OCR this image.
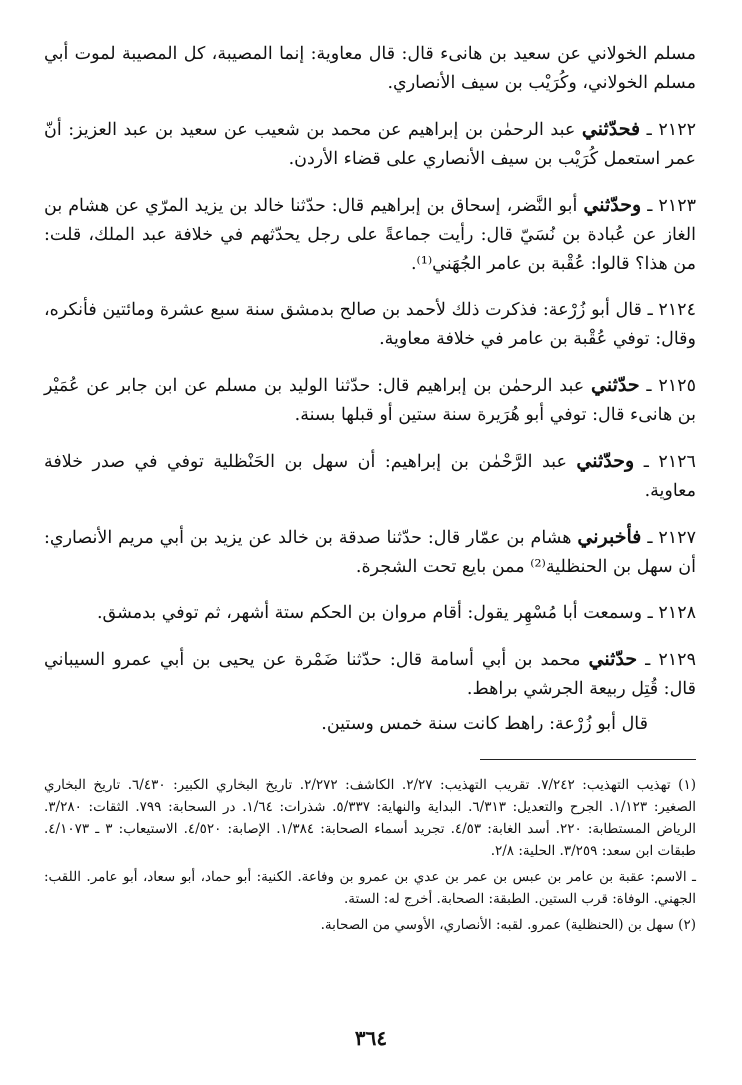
مسلم الخولاني عن سعيد بن هانىء قال: قال معاوية: إنما المصيبة، كل المصيبة لموت أبي مسلم الخولاني، وكُرَيْب بن سيف الأنصاري.

٢١٢٢ ـ فحدّثني عبد الرحمٰن بن إبراهيم عن محمد بن شعيب عن سعيد بن عبد العزيز: أنّ عمر استعمل كُرَيْب بن سيف الأنصاري على قضاء الأردن.

٢١٢٣ ـ وحدّثني أبو النَّضر، إسحاق بن إبراهيم قال: حدّثنا خالد بن يزيد المرّي عن هشام بن الغاز عن عُبادة بن نُسَيّ قال: رأيت جماعةً على رجل يحدّثهم في خلافة عبد الملك، قلت: من هذا؟ قالوا: عُقْبة بن عامر الجُهَني⁽¹⁾.

٢١٢٤ ـ قال أبو زُرْعة: فذكرت ذلك لأحمد بن صالح بدمشق سنة سبع عشرة ومائتين فأنكره، وقال: توفي عُقْبة بن عامر في خلافة معاوية.

٢١٢٥ ـ حدّثني عبد الرحمٰن بن إبراهيم قال: حدّثنا الوليد بن مسلم عن ابن جابر عن عُمَيْر بن هانىء قال: توفي أبو هُرَيرة سنة ستين أو قبلها بسنة.

٢١٢٦ ـ وحدّثني عبد الرَّحْمٰن بن إبراهيم: أن سهل بن الحَنْظلية توفي في صدر خلافة معاوية.

٢١٢٧ ـ فأخبرني هشام بن عمّار قال: حدّثنا صدقة بن خالد عن يزيد بن أبي مريم الأنصاري: أن سهل بن الحنظلية⁽²⁾ ممن بايع تحت الشجرة.

٢١٢٨ ـ وسمعت أبا مُسْهِر يقول: أقام مروان بن الحكم ستة أشهر، ثم توفي بدمشق.

٢١٢٩ ـ حدّثني محمد بن أبي أسامة قال: حدّثنا ضَمْرة عن يحيى بن أبي عمرو السيباني قال: قُتِل ربيعة الجرشي براهط.

قال أبو زُرْعة: راهط كانت سنة خمس وستين.

(١) تهذيب التهذيب: ٧/٢٤٢. تقريب التهذيب: ٢/٢٧. الكاشف: ٢/٢٧٢. تاريخ البخاري الكبير: ٦/٤٣٠. تاريخ البخاري الصغير: ١/١٢٣. الجرح والتعديل: ٦/٣١٣. البداية والنهاية: ٥/٣٣٧. شذرات: ١/٦٤. در السحابة: ٧٩٩. الثقات: ٣/٢٨٠. الرياض المستطابة: ٢٢٠. أسد الغابة: ٤/٥٣. تجريد أسماء الصحابة: ١/٣٨٤. الإصابة: ٤/٥٢٠. الاستيعاب: ٣ ـ ٤/١٠٧٣. طبقات ابن سعد: ٣/٢٥٩. الحلية: ٢/٨.

ـ الاسم: عقبة بن عامر بن عبس بن عمر بن عدي بن عمرو بن وفاعة. الكنية: أبو حماد، أبو سعاد، أبو عامر. اللقب: الجهني. الوفاة: قرب الستين. الطبقة: الصحابة. أخرج له: الستة.

(٢) سهل بن (الحنظلية) عمرو. لقبه: الأنصاري، الأوسي من الصحابة.

٣٦٤
